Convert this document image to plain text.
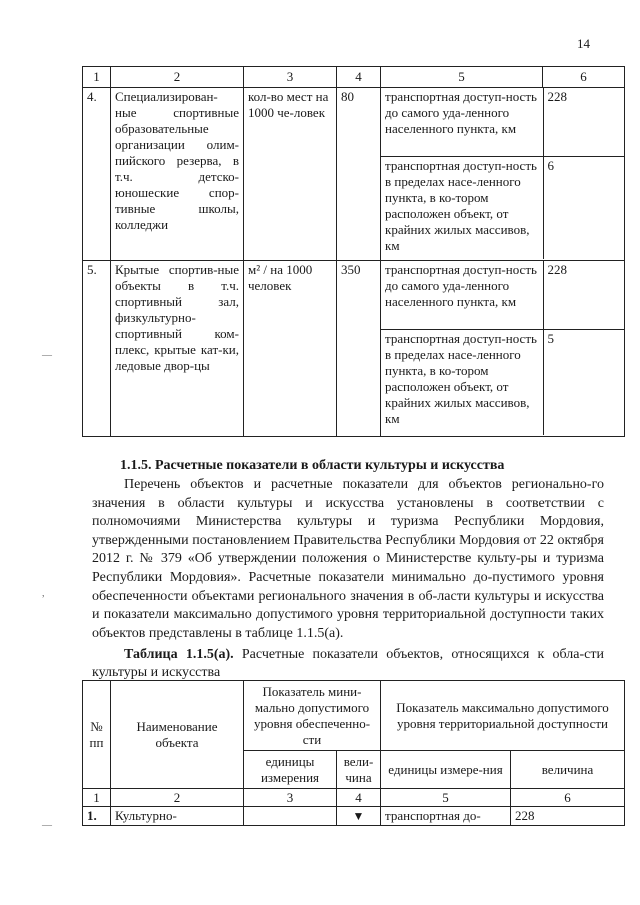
14
1	2	3	4	5	6
4.	Специализирован-ные спортивные образовательные организации олим-пийского резерва, в т.ч. детско-юношеские спор-тивные школы, колледжи	кол-во мест на 1000 че-ловек	80	транспортная доступ-ность до самого уда-ленного населенного пункта, км	228
транспортная доступ-ность в пределах насе-ленного пункта, в ко-тором расположен объект, от крайних жилых массивов, км	6

5.	Крытые спортив-ные объекты в т.ч. спортивный зал, физкультурно-спортивный ком-плекс, крытые кат-ки, ледовые двор-цы	м² / на 1000 человек	350	транспортная доступ-ность до самого уда-ленного населенного пункта, км	228
транспортная доступ-ность в пределах насе-ленного пункта, в ко-тором расположен объект, от крайних жилых массивов, км	5
1.1.5. Расчетные показатели в области культуры и искусства

Перечень объектов и расчетные показатели для объектов регионально-го значения в области культуры и искусства установлены в соответствии с полномочиями Министерства культуры и туризма Республики Мордовия, утвержденными постановлением Правительства Республики Мордовия от 22 октября 2012 г. № 379 «Об утверждении положения о Министерстве культу-ры и туризма Республики Мордовия». Расчетные показатели минимально до-пустимого уровня обеспеченности объектами регионального значения в об-ласти культуры и искусства и показатели максимально допустимого уровня территориальной доступности таких объектов представлены в таблице 1.1.5(а).

Таблица 1.1.5(а). Расчетные показатели объектов, относящихся к обла-сти культуры и искусства

№ пп	Наименование объекта	Показатель мини-мально допустимого уровня обеспеченно-сти		Показатель максимально допустимого уровня территориальной доступности	
		единицы измерения	вели-чина	единицы измере-ния	величина
1	2	3	4	5	6
1.	Культурно-		▼	транспортная до-	228
—
,
—
